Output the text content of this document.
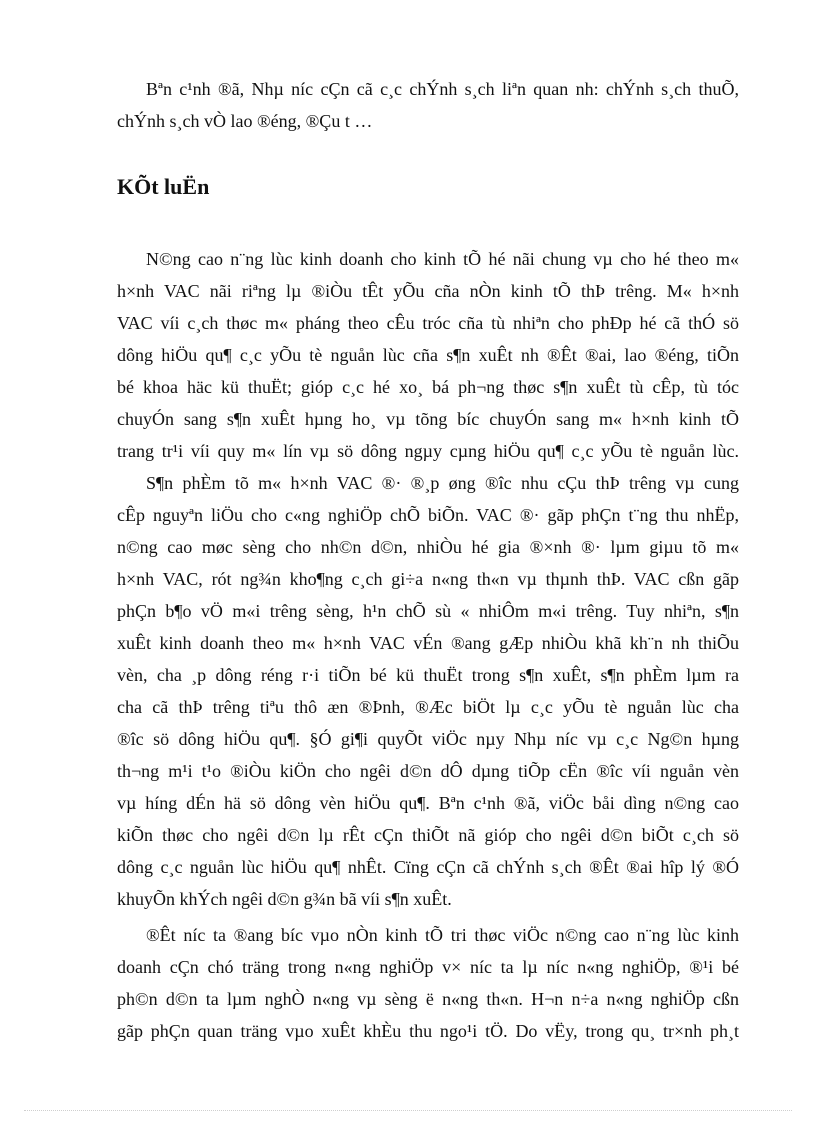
Bªn c¹nh ®ã, Nhµ níc cÇn cã c¸c chÝnh s¸ch liªn quan nh: chÝnh s¸ch thuÕ,
chÝnh s¸ch vÒ lao ®éng, ®Çu t …
KÕt luËn
N©ng cao n¨ng lùc kinh doanh cho kinh tÕ hé nãi chung vµ cho hé theo m«
h×nh VAC nãi riªng lµ ®iÒu tÊt yÕu cña nÒn kinh tÕ thÞ trêng. M« h×nh
VAC víi c¸ch thøc m« pháng theo cÊu tróc cña tù nhiªn cho phÐp hé cã thÓ sö
dông hiÖu qu¶ c¸c yÕu tè nguån lùc cña s¶n xuÊt nh ®Êt ®ai, lao ®éng, tiÕn
bé khoa häc kü thuËt; gióp c¸c hé xo¸ bá ph¬ng thøc s¶n xuÊt tù cÊp, tù tóc
chuyÓn sang s¶n xuÊt hµng ho¸ vµ tõng bíc chuyÓn sang m« h×nh kinh tÕ
trang tr¹i víi quy m« lín vµ sö dông ngµy cµng hiÖu qu¶ c¸c yÕu tè nguån lùc.
S¶n phÈm tõ m« h×nh VAC ®· ®¸p øng ®îc nhu cÇu thÞ trêng vµ cung
cÊp nguyªn liÖu cho c«ng nghiÖp chÕ biÕn. VAC ®· gãp phÇn t¨ng thu nhËp,
n©ng cao møc sèng cho nh©n d©n, nhiÒu hé gia ®×nh ®· lµm giµu tõ m«
h×nh VAC, rót ng¾n kho¶ng c¸ch gi÷a n«ng th«n vµ thµnh thÞ. VAC cßn gãp
phÇn b¶o vÖ m«i trêng sèng, h¹n chÕ sù « nhiÔm m«i trêng. Tuy nhiªn, s¶n
xuÊt kinh doanh theo m« h×nh VAC vÉn ®ang gÆp nhiÒu khã kh¨n nh thiÕu
vèn, cha ¸p dông réng r·i tiÕn bé kü thuËt trong s¶n xuÊt, s¶n phÈm lµm ra
cha cã thÞ trêng tiªu thô æn ®Þnh, ®Æc biÖt lµ c¸c yÕu tè nguån lùc cha
®îc sö dông hiÖu qu¶. §Ó gi¶i quyÕt viÖc nµy Nhµ níc vµ c¸c Ng©n hµng
th¬ng m¹i t¹o ®iÒu kiÖn cho ngêi d©n dÔ dµng tiÕp cËn ®îc víi nguån vèn
vµ híng dÉn hä sö dông vèn hiÖu qu¶. Bªn c¹nh ®ã, viÖc båi dìng n©ng cao
kiÕn thøc cho ngêi d©n lµ rÊt cÇn thiÕt nã gióp cho ngêi d©n biÕt c¸ch sö
dông c¸c nguån lùc hiÖu qu¶ nhÊt. Cïng cÇn cã chÝnh s¸ch ®Êt ®ai hîp lý ®Ó
khuyÕn khÝch ngêi d©n g¾n bã víi s¶n xuÊt.
®Êt níc ta ®ang bíc vµo nÒn kinh tÕ tri thøc viÖc n©ng cao n¨ng lùc kinh
doanh cÇn chó träng trong n«ng nghiÖp v× níc ta lµ níc n«ng nghiÖp, ®¹i bé
ph©n d©n ta lµm nghÒ n«ng vµ sèng ë n«ng th«n. H¬n n÷a n«ng nghiÖp cßn
gãp phÇn quan träng vµo xuÊt khÈu thu ngo¹i tÖ. Do vËy, trong qu¸ tr×nh ph¸t
